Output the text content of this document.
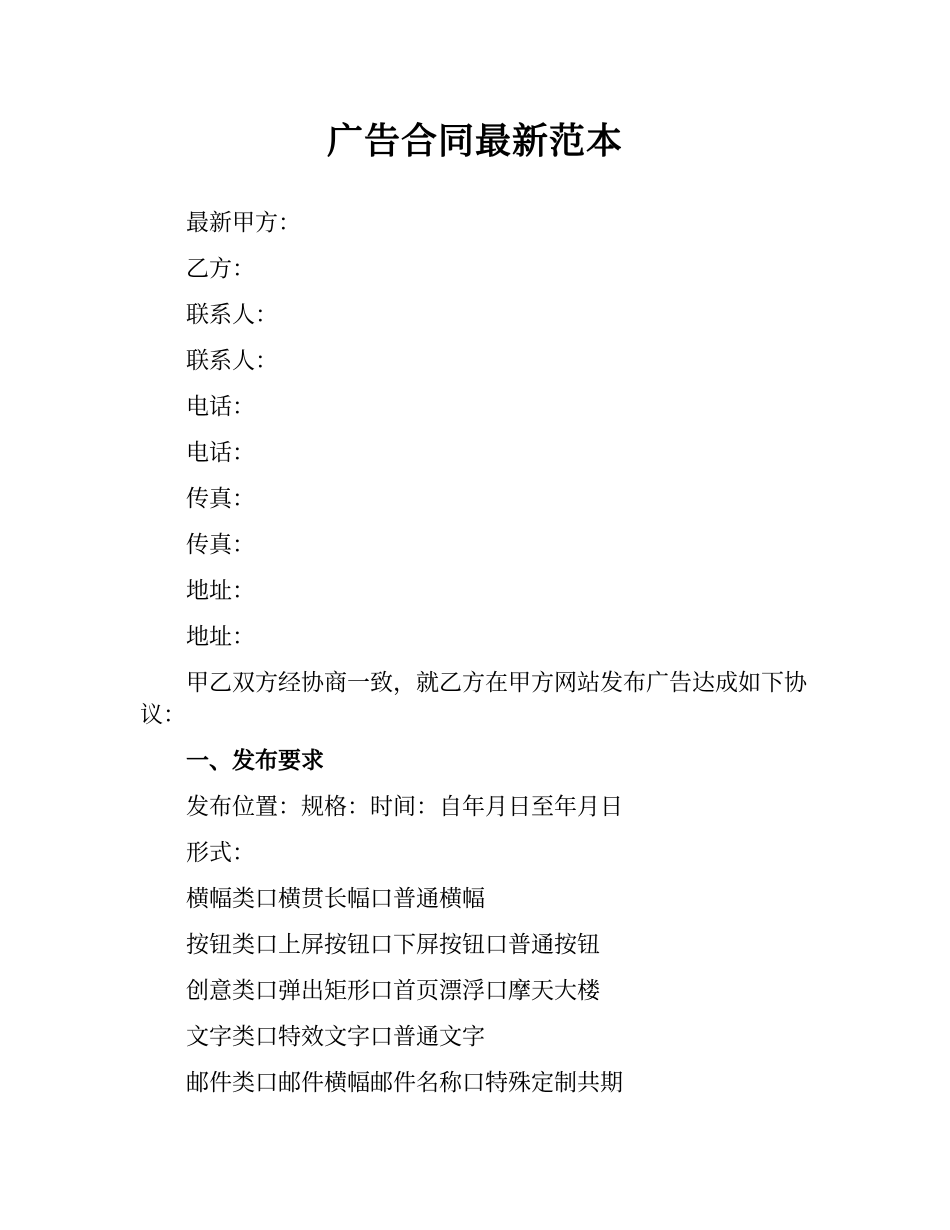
广告合同最新范本

最新甲方：

乙方：

联系人：

联系人：

电话：

电话：

传真：

传真：

地址：

地址：

甲乙双方经协商一致，就乙方在甲方网站发布广告达成如下协议：

一、发布要求

发布位置：规格：时间：自年月日至年月日

形式：

横幅类口横贯长幅口普通横幅

按钮类口上屏按钮口下屏按钮口普通按钮

创意类口弹出矩形口首页漂浮口摩天大楼

文字类口特效文字口普通文字

邮件类口邮件横幅邮件名称口特殊定制共期
